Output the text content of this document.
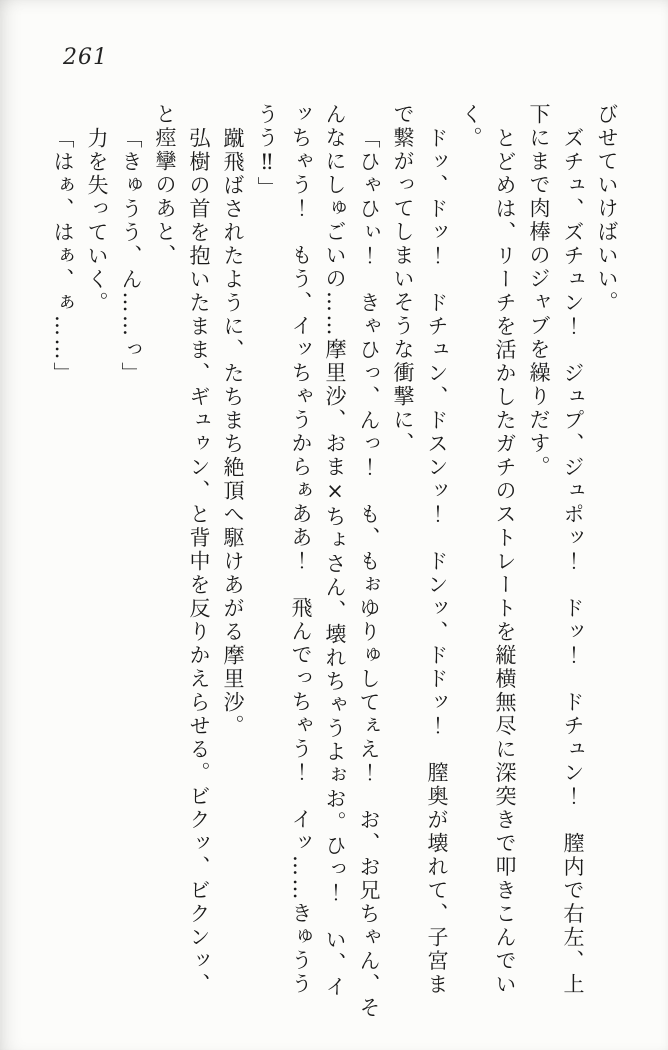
261
びせていけばいい。
ズチュ、ズチュン！　ジュプ、ジュポッ！　ドッ！　ドチュン！　膣内で右左、上
下にまで肉棒のジャブを繰りだす。
とどめは、リーチを活かしたガチのストレートを縦横無尽に深突きで叩きこんでい
く。
ドッ、ドッ！　ドチュン、ドスンッ！　ドンッ、ドドッ！　膣奥が壊れて、子宮ま
で繋がってしまいそうな衝撃に、
「ひゃひぃ！　きゃひっ、んっ！　も、もぉゆりゅしてぇえ！　お、お兄ちゃん、そ
んなにしゅごいの……摩里沙、おま×ちょさん、壊れちゃうよぉお。ひっ！　い、イ
ッちゃう！　もう、イッちゃうからぁああ！　飛んでっちゃう！　イッ……きゅうう
うう‼」
蹴飛ばされたように、たちまち絶頂へ駆けあがる摩里沙。
弘樹の首を抱いたまま、ギュゥン、と背中を反りかえらせる。ビクッ、ビクンッ、
と痙攣のあと、
「きゅうう、ん……っ」
力を失っていく。
「はぁ、はぁ、ぁ……」
